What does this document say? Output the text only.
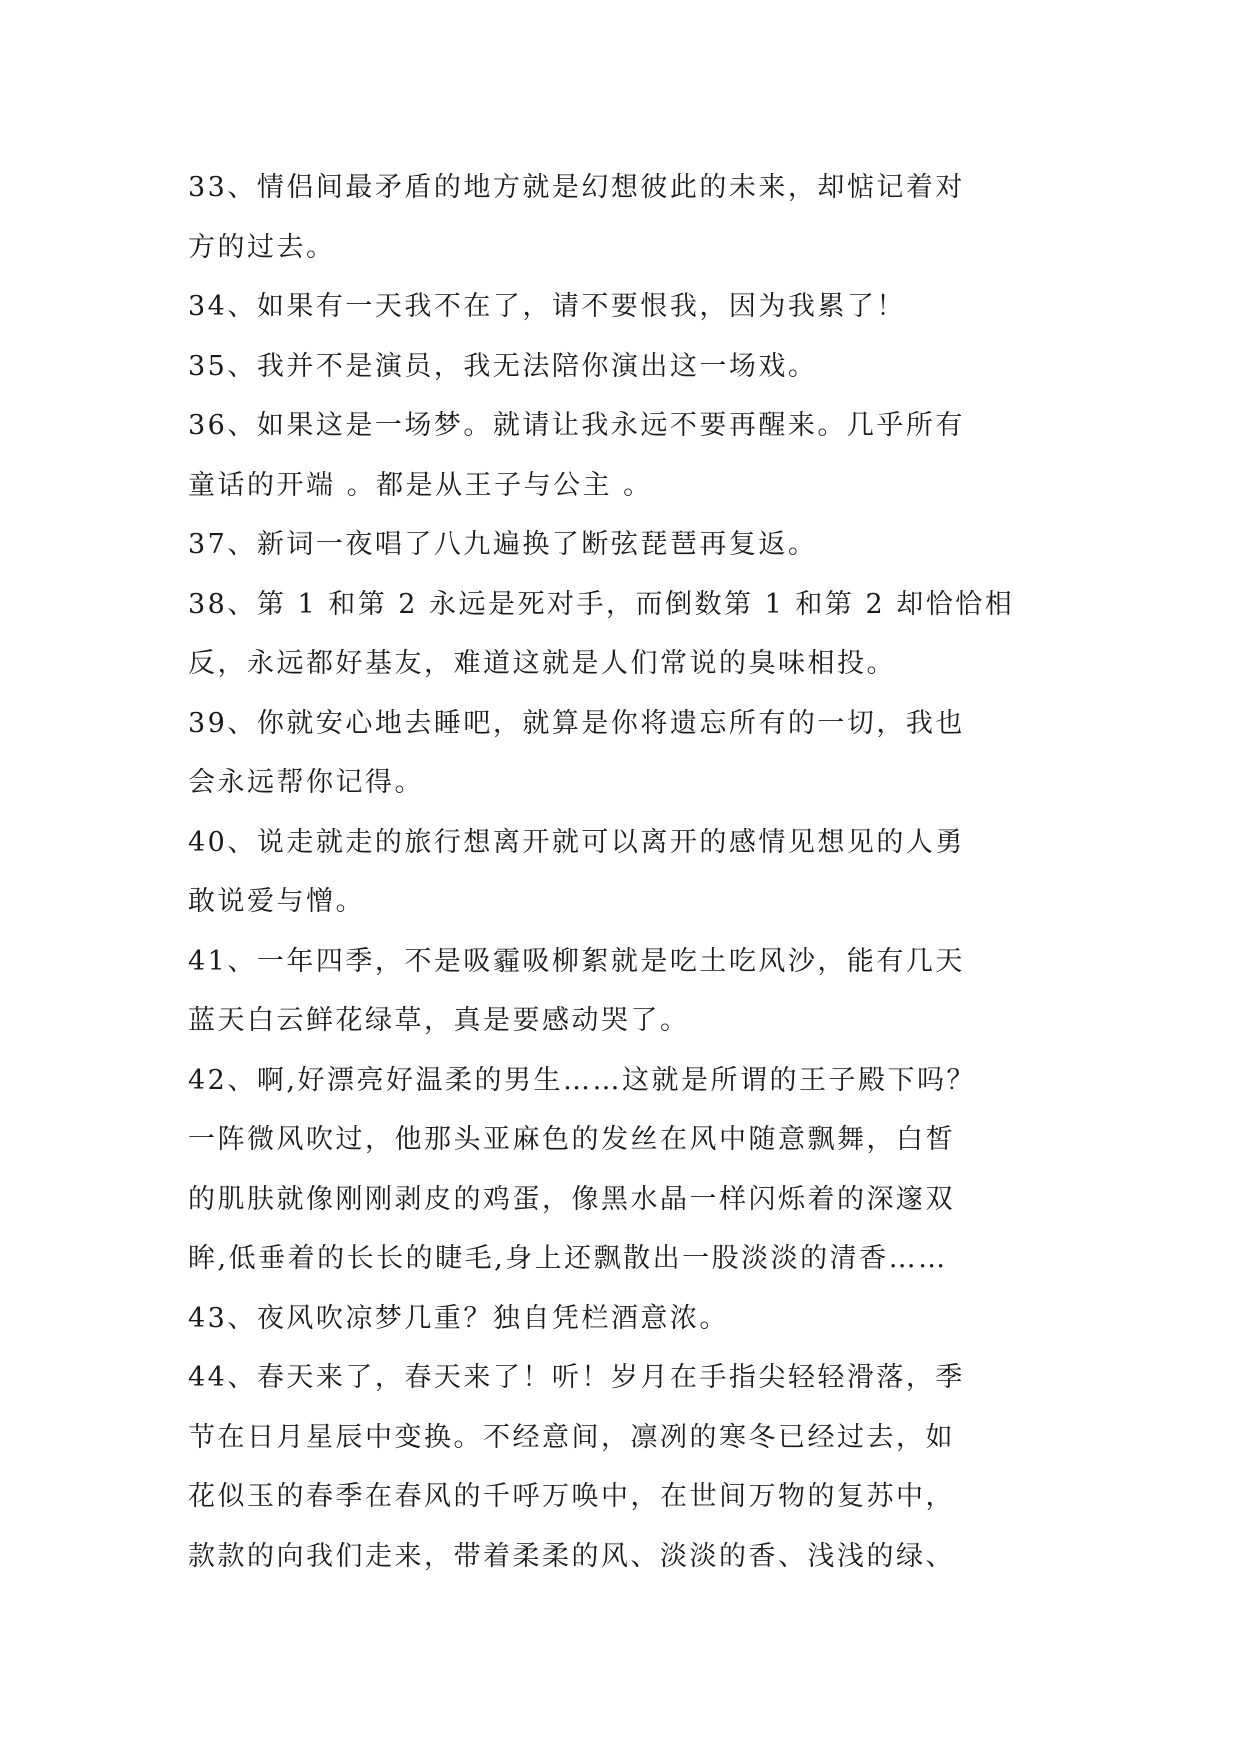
33、情侣间最矛盾的地方就是幻想彼此的未来，却惦记着对
方的过去。
34、如果有一天我不在了，请不要恨我，因为我累了！
35、我并不是演员，我无法陪你演出这一场戏。
36、如果这是一场梦。就请让我永远不要再醒来。几乎所有
童话的开端 。都是从王子与公主 。
37、新词一夜唱了八九遍换了断弦琵琶再复返。
38、第 1 和第 2 永远是死对手，而倒数第 1 和第 2 却恰恰相
反，永远都好基友，难道这就是人们常说的臭味相投。
39、你就安心地去睡吧，就算是你将遗忘所有的一切，我也
会永远帮你记得。
40、说走就走的旅行想离开就可以离开的感情见想见的人勇
敢说爱与憎。
41、一年四季，不是吸霾吸柳絮就是吃土吃风沙，能有几天
蓝天白云鲜花绿草，真是要感动哭了。
42、啊,好漂亮好温柔的男生……这就是所谓的王子殿下吗？
一阵微风吹过，他那头亚麻色的发丝在风中随意飘舞，白皙
的肌肤就像刚刚剥皮的鸡蛋，像黑水晶一样闪烁着的深邃双
眸,低垂着的长长的睫毛,身上还飘散出一股淡淡的清香……
43、夜风吹凉梦几重？独自凭栏酒意浓。
44、春天来了，春天来了！听！岁月在手指尖轻轻滑落，季
节在日月星辰中变换。不经意间，凛冽的寒冬已经过去，如
花似玉的春季在春风的千呼万唤中，在世间万物的复苏中，
款款的向我们走来，带着柔柔的风、淡淡的香、浅浅的绿、
